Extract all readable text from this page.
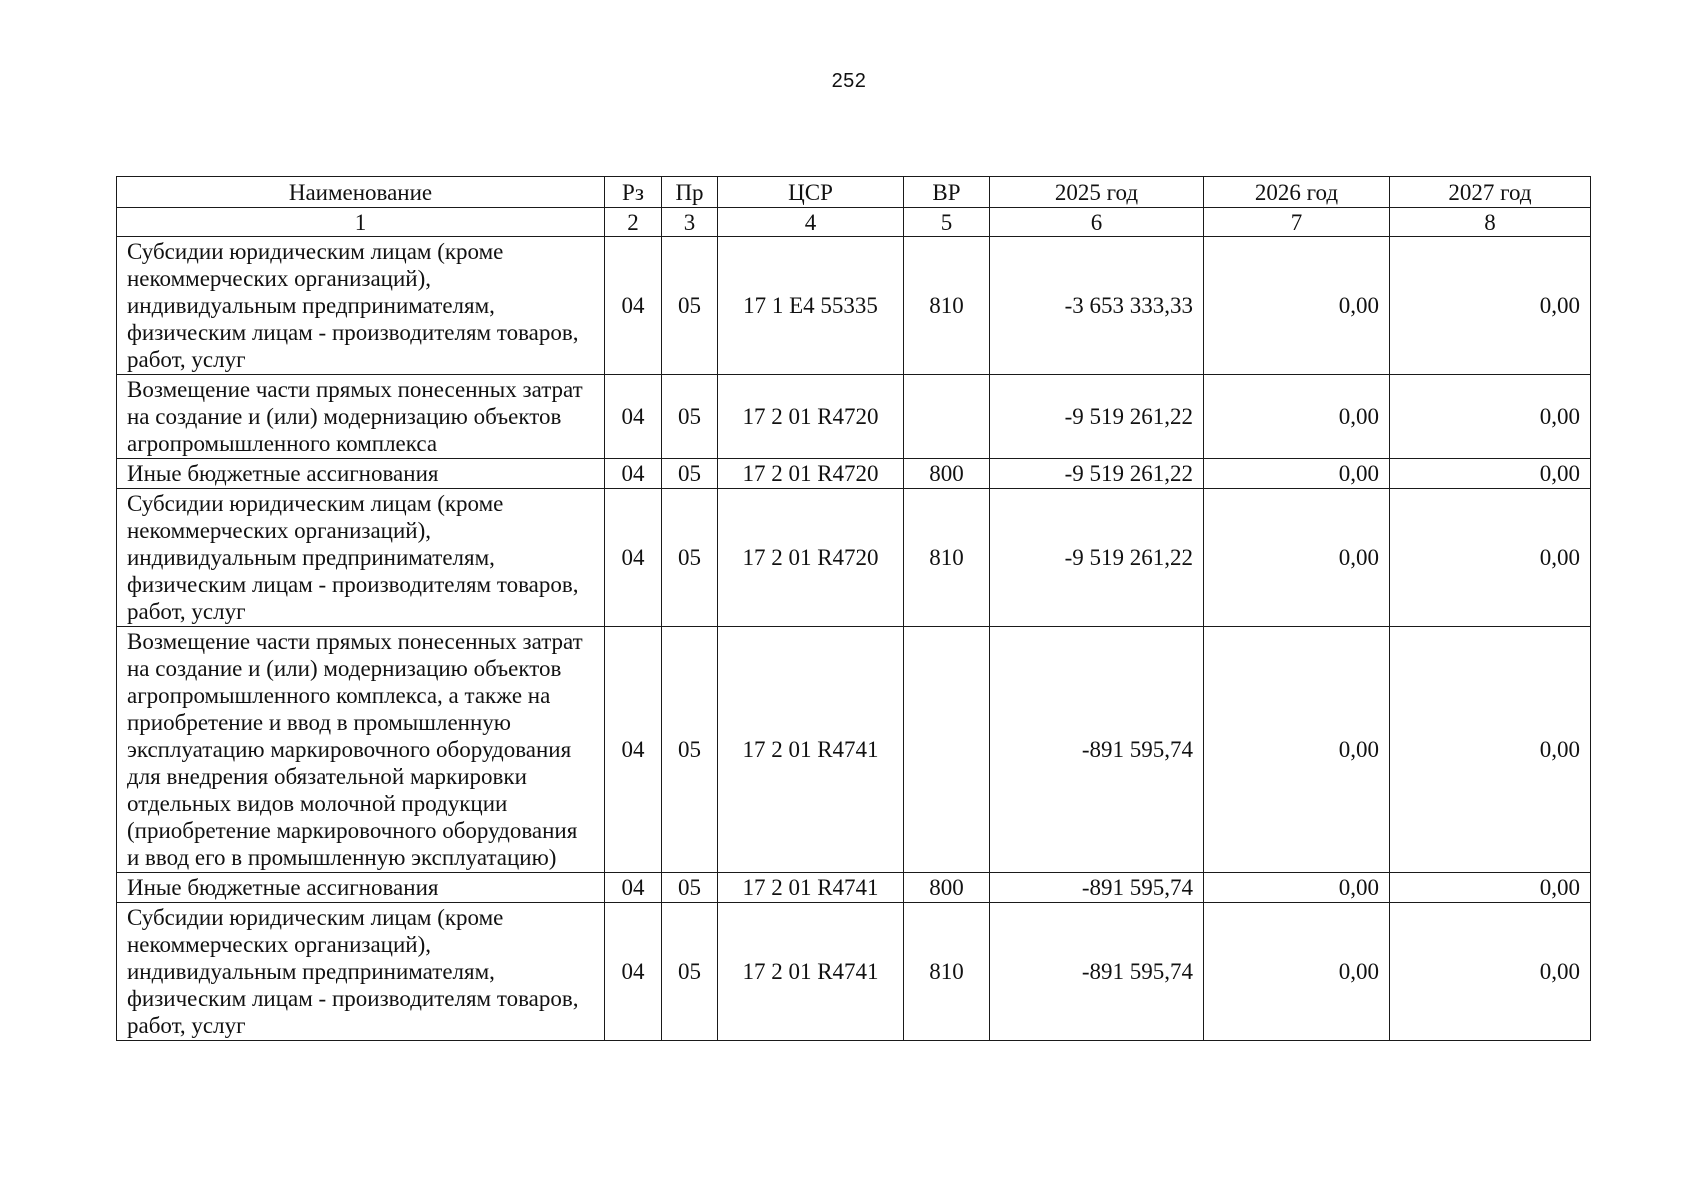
252
Наименование	Рз	Пр	ЦСР	ВР	2025 год	2026 год	2027 год
1	2	3	4	5	6	7	8
Субсидии юридическим лицам (кроме некоммерческих организаций), индивидуальным предпринимателям, физическим лицам - производителям товаров, работ, услуг	04	05	17 1 Е4 55335	810	-3 653 333,33	0,00	0,00
Возмещение части прямых понесенных затрат на создание и (или) модернизацию объектов агропромышленного комплекса	04	05	17 2 01 R4720		-9 519 261,22	0,00	0,00
Иные бюджетные ассигнования	04	05	17 2 01 R4720	800	-9 519 261,22	0,00	0,00
Субсидии юридическим лицам (кроме некоммерческих организаций), индивидуальным предпринимателям, физическим лицам - производителям товаров, работ, услуг	04	05	17 2 01 R4720	810	-9 519 261,22	0,00	0,00
Возмещение части прямых понесенных затрат на создание и (или) модернизацию объектов агропромышленного комплекса, а также на приобретение и ввод в промышленную эксплуатацию маркировочного оборудования для внедрения обязательной маркировки отдельных видов молочной продукции (приобретение маркировочного оборудования и ввод его в промышленную эксплуатацию)	04	05	17 2 01 R4741		-891 595,74	0,00	0,00
Иные бюджетные ассигнования	04	05	17 2 01 R4741	800	-891 595,74	0,00	0,00
Субсидии юридическим лицам (кроме некоммерческих организаций), индивидуальным предпринимателям, физическим лицам - производителям товаров, работ, услуг	04	05	17 2 01 R4741	810	-891 595,74	0,00	0,00
